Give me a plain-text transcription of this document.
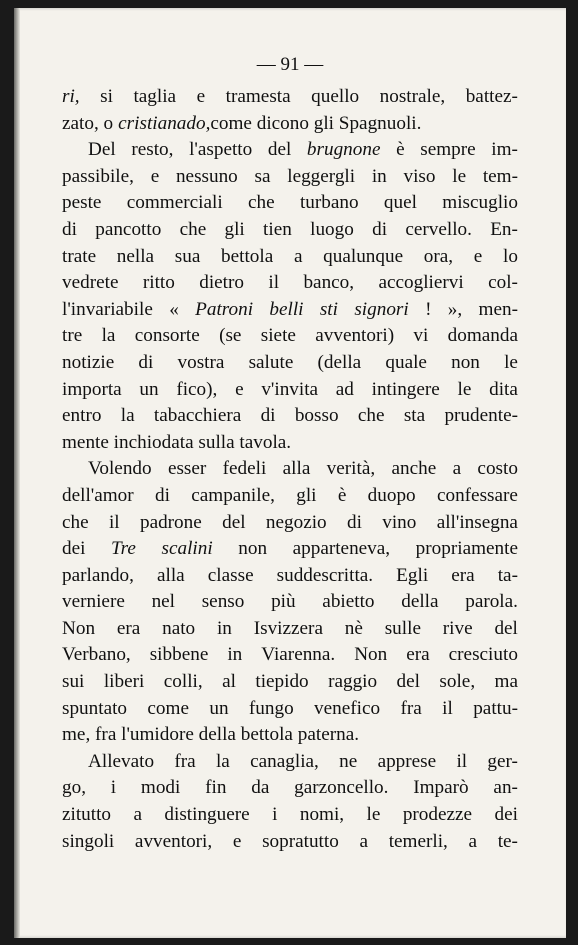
— 91 —
ri, si taglia e tramesta quello nostrale, battez-
zato, o cristianado, come dicono gli Spagnuoli.
Del resto, l'aspetto del brugnone è sempre im-
passibile, e nessuno sa leggergli in viso le tem-
peste commerciali che turbano quel miscuglio
di pancotto che gli tien luogo di cervello. En-
trate nella sua bettola a qualunque ora, e lo
vedrete ritto dietro il banco, accogliervi col-
l'invariabile « Patroni belli sti signori ! », men-
tre la consorte (se siete avventori) vi domanda
notizie di vostra salute (della quale non le
importa un fico), e v'invita ad intingere le dita
entro la tabacchiera di bosso che sta prudente-
mente inchiodata sulla tavola.
Volendo esser fedeli alla verità, anche a costo
dell'amor di campanile, gli è duopo confessare
che il padrone del negozio di vino all'insegna
dei Tre scalini non apparteneva, propriamente
parlando, alla classe suddescritta. Egli era ta-
verniere nel senso più abietto della parola.
Non era nato in Isvizzera nè sulle rive del
Verbano, sibbene in Viarenna. Non era cresciuto
sui liberi colli, al tiepido raggio del sole, ma
spuntato come un fungo venefico fra il pattu-
me, fra l'umidore della bettola paterna.
Allevato fra la canaglia, ne apprese il ger-
go, i modi fin da garzoncello. Imparò an-
zitutto a distinguere i nomi, le prodezze dei
singoli avventori, e sopratutto a temerli, a te-
